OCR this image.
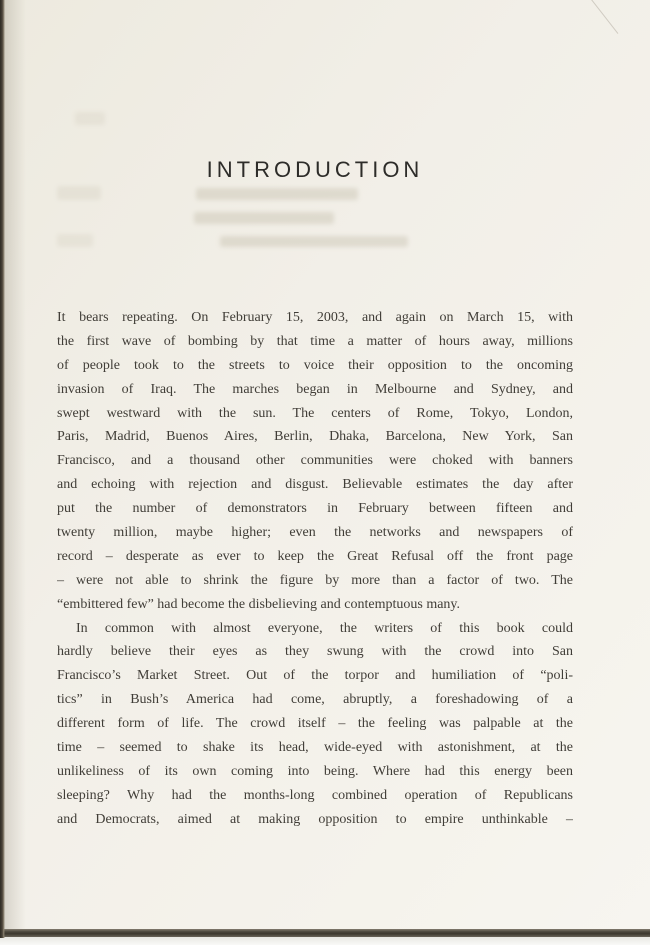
INTRODUCTION
It bears repeating. On February 15, 2003, and again on March 15, with
the first wave of bombing by that time a matter of hours away, millions
of people took to the streets to voice their opposition to the oncoming
invasion of Iraq. The marches began in Melbourne and Sydney, and
swept westward with the sun. The centers of Rome, Tokyo, London,
Paris, Madrid, Buenos Aires, Berlin, Dhaka, Barcelona, New York, San
Francisco, and a thousand other communities were choked with banners
and echoing with rejection and disgust. Believable estimates the day after
put the number of demonstrators in February between fifteen and
twenty million, maybe higher; even the networks and newspapers of
record – desperate as ever to keep the Great Refusal off the front page
– were not able to shrink the figure by more than a factor of two. The
“embittered few” had become the disbelieving and contemptuous many.
In common with almost everyone, the writers of this book could
hardly believe their eyes as they swung with the crowd into San
Francisco’s Market Street. Out of the torpor and humiliation of “poli-
tics” in Bush’s America had come, abruptly, a foreshadowing of a
different form of life. The crowd itself – the feeling was palpable at the
time – seemed to shake its head, wide-eyed with astonishment, at the
unlikeliness of its own coming into being. Where had this energy been
sleeping? Why had the months-long combined operation of Republicans
and Democrats, aimed at making opposition to empire unthinkable –
